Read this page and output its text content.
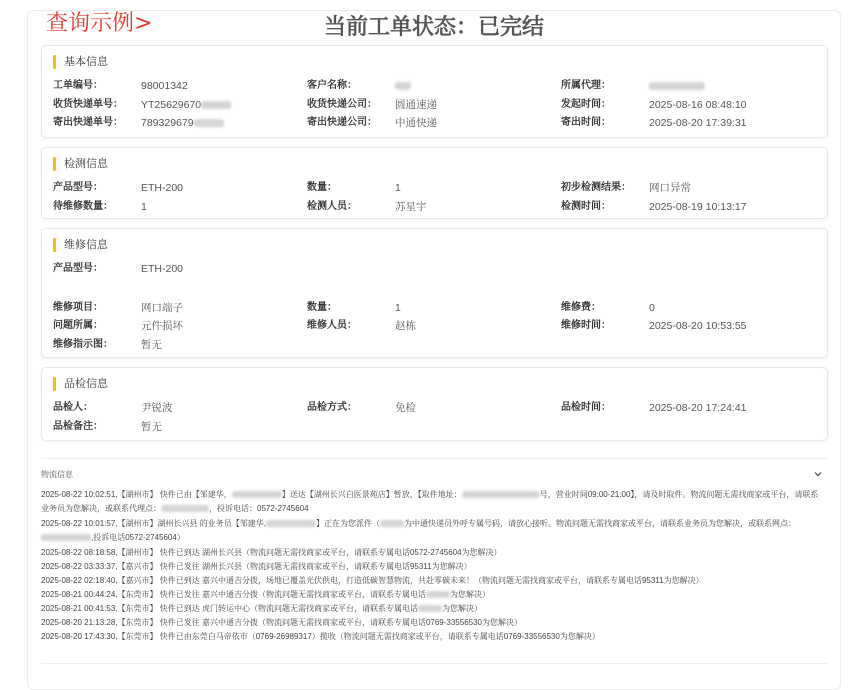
查询示例>	当前工单状态：已完结
基本信息
工单编号：	98001342	客户名称：	所属代理：
收货快递单号：	YT25629670	收货快递公司：	圆通速递	发起时间：	2025-08-16 08:48:10
寄出快递单号：	789329679	寄出快递公司：	中通快递	寄出时间：	2025-08-20 17:39:31
检测信息
产品型号：	ETH-200	数量：	1	初步检测结果：	网口异常
待维修数量：	1	检测人员：	苏星宇	检测时间：	2025-08-19 10:13:17
维修信息
产品型号：	ETH-200
维修项目：	网口端子	数量：	1	维修费：	0
问题所属：	元件损坏	维修人员：	赵栋	维修时间：	2025-08-20 10:53:55
维修指示图：	暂无
品检信息
品检人：	尹锐波	品检方式：	免检	品检时间：	2025-08-20 17:24:41
品检备注：	暂无
物流信息

2025-08-22 10:02:51,【湖州市】 快件已由【邹建华，	】送达【湖州长兴白医景苑店】暂放，【取件地址：	号，营业时间09:00-21:00】，请及时取件。物流问题无需找商家或平台，请联系业务员为您解决，或联系代理点：	，投诉电话：0572-2745604

2025-08-22 10:01:57,【湖州市】湖州长兴县 的业务员【邹建华,	】正在为您派件（	为中通快递员外呼专属号码，请放心接听。物流问题无需找商家或平台，请联系业务员为您解决，或联系网点：,投诉电话0572-2745604）

2025-08-22 08:18:58,【湖州市】 快件已到达 湖州长兴县（物流问题无需找商家或平台，请联系专属电话0572-2745604为您解决）

2025-08-22 03:33:37,【嘉兴市】 快件已发往 湖州长兴县（物流问题无需找商家或平台，请联系专属电话95311为您解决）

2025-08-22 02:18:40,【嘉兴市】 快件已到达 嘉兴中通吉分拨，场地已覆盖光伏供电，打造低碳智慧物流，共赴零碳未来！（物流问题无需找商家或平台，请联系专属电话95311为您解决）

2025-08-21 00:44:24,【东莞市】 快件已发往 嘉兴中通吉分拨（物流问题无需找商家或平台，请联系专属电话	为您解决）

2025-08-21 00:41:53,【东莞市】 快件已到达 虎门转运中心（物流问题无需找商家或平台，请联系专属电话	为您解决）

2025-08-20 21:13:28,【东莞市】 快件已发往 嘉兴中通吉分拨（物流问题无需找商家或平台，请联系专属电话0769-33556530为您解决）

2025-08-20 17:43:30,【东莞市】 快件已由东莞白马帝依市（0769-26989317）揽收（物流问题无需找商家或平台，请联系专属电话0769-33556530为您解决）
